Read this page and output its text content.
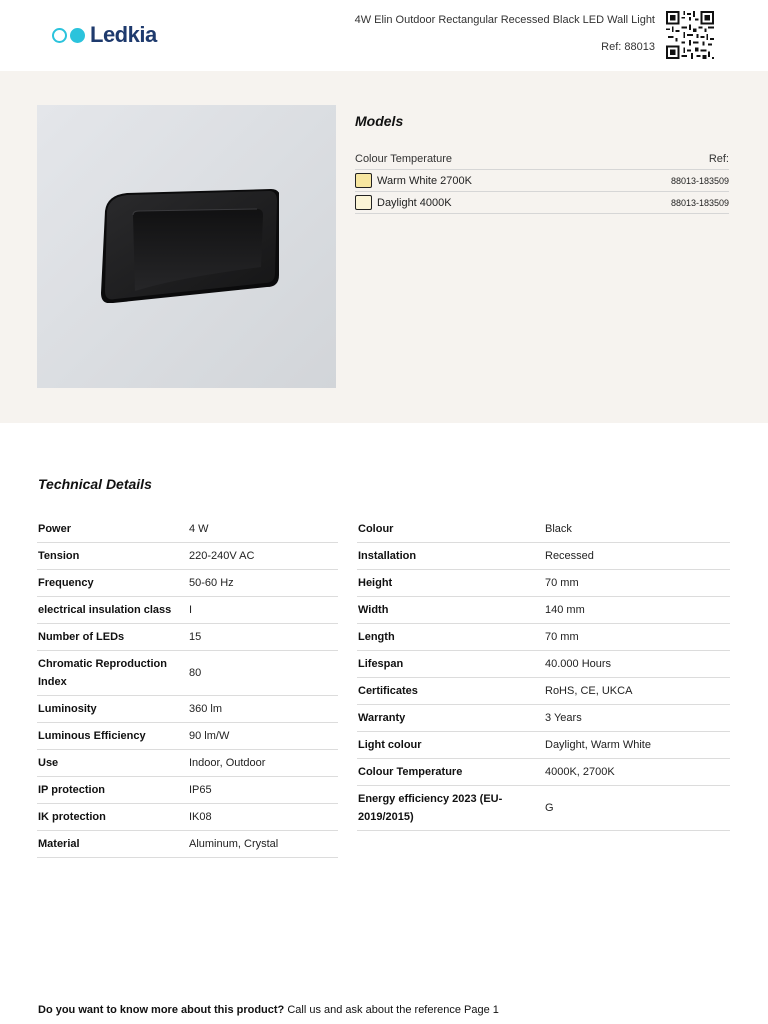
Ledkia
4W Elin Outdoor Rectangular Recessed Black LED Wall Light
Ref: 88013
Models
Colour Temperature	Ref:
Warm White 2700K	88013-183509
Daylight 4000K	88013-183509
Technical Details
Power	4 W
Tension	220-240V AC
Frequency	50-60 Hz
electrical insulation class	I
Number of LEDs	15
Chromatic Reproduction Index	80
Luminosity	360 lm
Luminous Efficiency	90 lm/W
Use	Indoor, Outdoor
IP protection	IP65
IK protection	IK08
Material	Aluminum, Crystal
Colour	Black
Installation	Recessed
Height	70 mm
Width	140 mm
Length	70 mm
Lifespan	40.000 Hours
Certificates	RoHS, CE, UKCA
Warranty	3 Years
Light colour	Daylight, Warm White
Colour Temperature	4000K, 2700K
Energy efficiency 2023 (EU-2019/2015)	G
Do you want to know more about this product? Call us and ask about the reference Page 1
